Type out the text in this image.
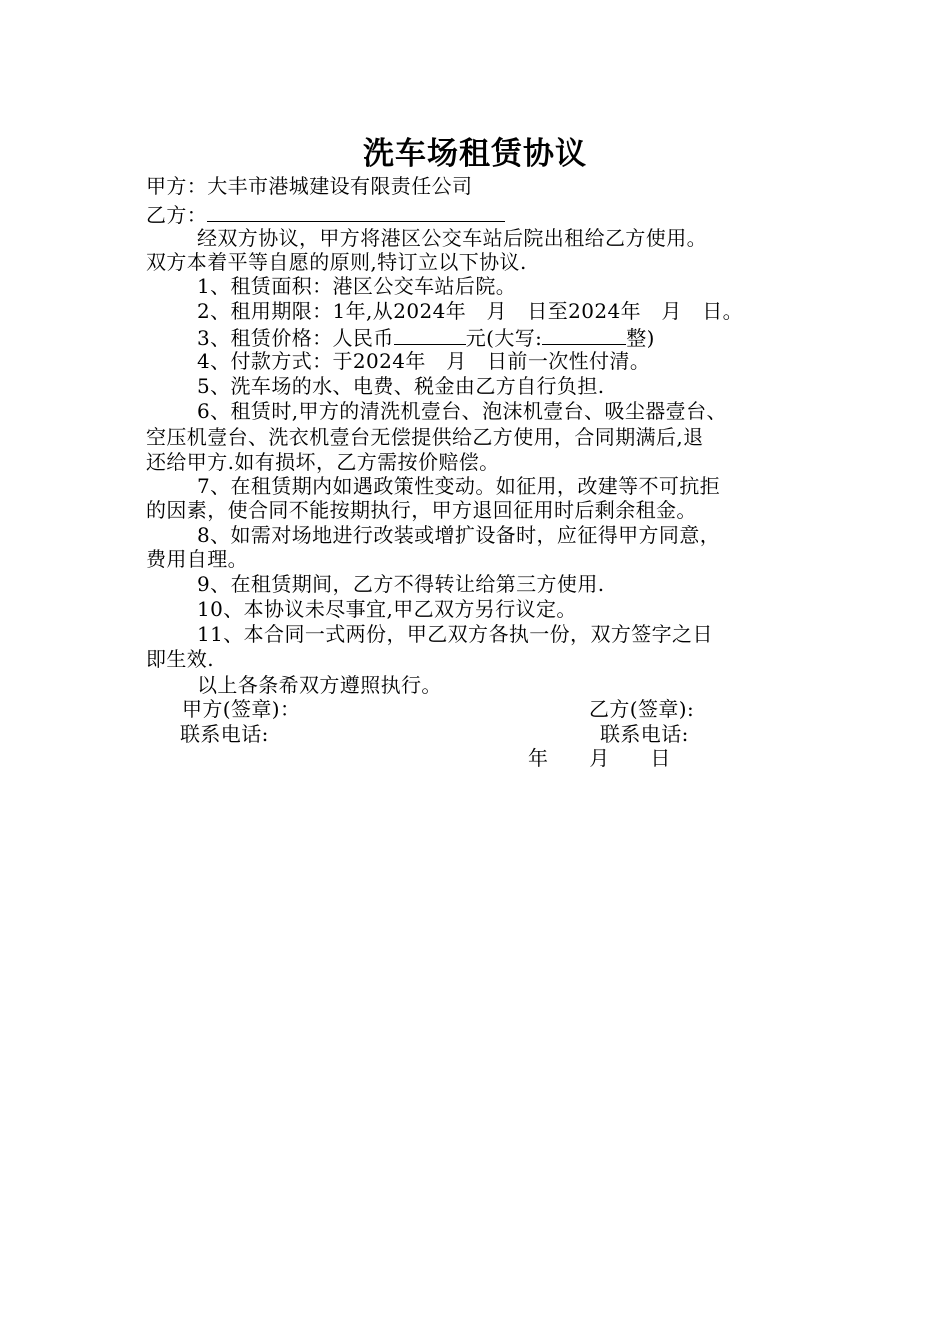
洗车场租赁协议
甲方：大丰市港城建设有限责任公司
乙方：
经双方协议，甲方将港区公交车站后院出租给乙方使用。
双方本着平等自愿的原则,特订立以下协议.
1、租赁面积：港区公交车站后院。
2、租用期限：1年,从2024年　月　日至2024年　月　日。
3、租赁价格：人民币	元(大写:	整)
4、付款方式：于2024年　月　日前一次性付清。
5、洗车场的水、电费、税金由乙方自行负担.
6、租赁时,甲方的清洗机壹台、泡沫机壹台、吸尘器壹台、
空压机壹台、洗衣机壹台无偿提供给乙方使用，合同期满后,退
还给甲方.如有损坏，乙方需按价赔偿。
7、在租赁期内如遇政策性变动。如征用，改建等不可抗拒
的因素，使合同不能按期执行，甲方退回征用时后剩余租金。
8、如需对场地进行改装或增扩设备时，应征得甲方同意，
费用自理。
9、在租赁期间，乙方不得转让给第三方使用.
10、本协议未尽事宜,甲乙双方另行议定。
11、本合同一式两份，甲乙双方各执一份，双方签字之日
即生效.
以上各条希双方遵照执行。
甲方(签章)：	乙方(签章):
联系电话:	联系电话:
年　　月　　日
